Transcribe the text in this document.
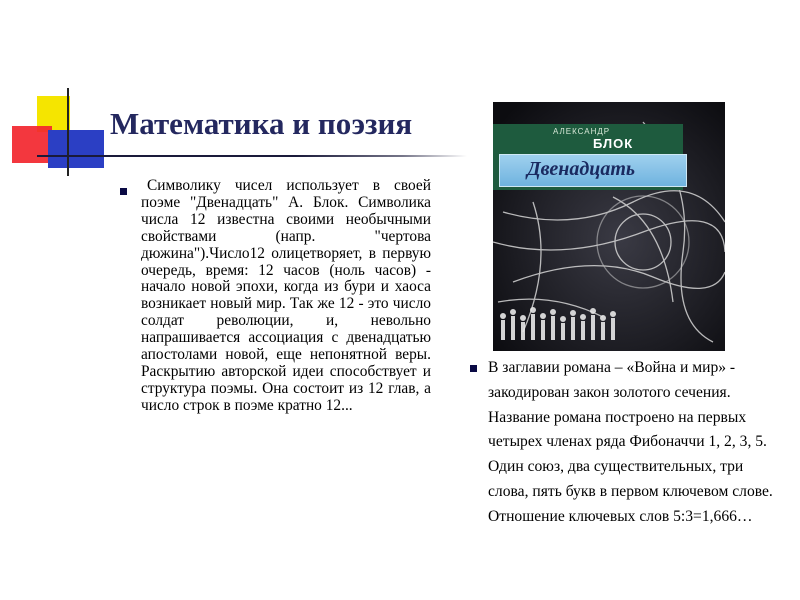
Математика и поэзия
Символику чисел использует в своей поэме "Двенадцать" А. Блок. Символика числа 12 известна своими необычными свойствами (напр. "чертова дюжина").Число12 олицетворяет, в первую очередь, время: 12 часов (ноль часов) - начало новой эпохи, когда из бури и хаоса возникает новый мир. Так же 12 - это число солдат революции, и, невольно напрашивается ассоциация с двенадцатью апостолами новой, еще непонятной веры. Раскрытию авторской идеи способствует и структура поэмы. Она состоит из 12 глав, а число строк в поэме кратно 12...
АЛЕКСАНДР
БЛОК
Двенадцать
В заглавии романа – «Война и мир» - закодирован закон золотого сечения. Название романа построено на первых четырех членах ряда Фибоначчи 1, 2, 3, 5. Один союз, два существительных, три слова, пять букв в первом ключевом слове. Отношение ключевых слов 5:3=1,666…
